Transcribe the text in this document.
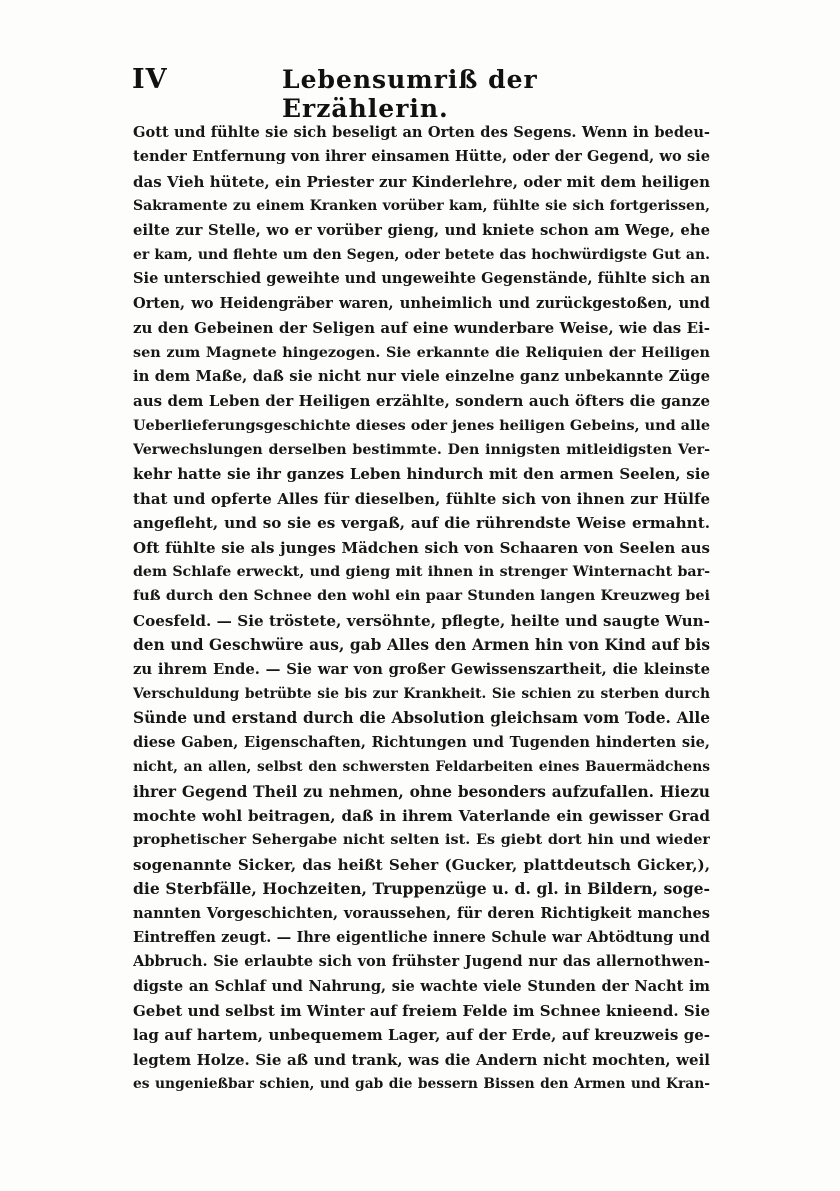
IV	Lebensumriß der Erzählerin.
Gott und fühlte sie sich beseligt an Orten des Segens. Wenn in bedeu-
tender Entfernung von ihrer einsamen Hütte, oder der Gegend, wo sie
das Vieh hütete, ein Priester zur Kinderlehre, oder mit dem heiligen
Sakramente zu einem Kranken vorüber kam, fühlte sie sich fortgerissen,
eilte zur Stelle, wo er vorüber gieng, und kniete schon am Wege, ehe
er kam, und flehte um den Segen, oder betete das hochwürdigste Gut an.
Sie unterschied geweihte und ungeweihte Gegenstände, fühlte sich an
Orten, wo Heidengräber waren, unheimlich und zurückgestoßen, und
zu den Gebeinen der Seligen auf eine wunderbare Weise, wie das Ei-
sen zum Magnete hingezogen. Sie erkannte die Reliquien der Heiligen
in dem Maße, daß sie nicht nur viele einzelne ganz unbekannte Züge
aus dem Leben der Heiligen erzählte, sondern auch öfters die ganze
Ueberlieferungsgeschichte dieses oder jenes heiligen Gebeins, und alle
Verwechslungen derselben bestimmte. Den innigsten mitleidigsten Ver-
kehr hatte sie ihr ganzes Leben hindurch mit den armen Seelen, sie
that und opferte Alles für dieselben, fühlte sich von ihnen zur Hülfe
angefleht, und so sie es vergaß, auf die rührendste Weise ermahnt.
Oft fühlte sie als junges Mädchen sich von Schaaren von Seelen aus
dem Schlafe erweckt, und gieng mit ihnen in strenger Winternacht bar-
fuß durch den Schnee den wohl ein paar Stunden langen Kreuzweg bei
Coesfeld. — Sie tröstete, versöhnte, pflegte, heilte und saugte Wun-
den und Geschwüre aus, gab Alles den Armen hin von Kind auf bis
zu ihrem Ende. — Sie war von großer Gewissenszartheit, die kleinste
Verschuldung betrübte sie bis zur Krankheit. Sie schien zu sterben durch
Sünde und erstand durch die Absolution gleichsam vom Tode. Alle
diese Gaben, Eigenschaften, Richtungen und Tugenden hinderten sie,
nicht, an allen, selbst den schwersten Feldarbeiten eines Bauermädchens
ihrer Gegend Theil zu nehmen, ohne besonders aufzufallen. Hiezu
mochte wohl beitragen, daß in ihrem Vaterlande ein gewisser Grad
prophetischer Sehergabe nicht selten ist. Es giebt dort hin und wieder
sogenannte Sicker, das heißt Seher (Gucker, plattdeutsch Gicker,),
die Sterbfälle, Hochzeiten, Truppenzüge u. d. gl. in Bildern, soge-
nannten Vorgeschichten, voraussehen, für deren Richtigkeit manches
Eintreffen zeugt. — Ihre eigentliche innere Schule war Abtödtung und
Abbruch. Sie erlaubte sich von frühster Jugend nur das allernothwen-
digste an Schlaf und Nahrung, sie wachte viele Stunden der Nacht im
Gebet und selbst im Winter auf freiem Felde im Schnee knieend. Sie
lag auf hartem, unbequemem Lager, auf der Erde, auf kreuzweis ge-
legtem Holze. Sie aß und trank, was die Andern nicht mochten, weil
es ungenießbar schien, und gab die bessern Bissen den Armen und Kran-
